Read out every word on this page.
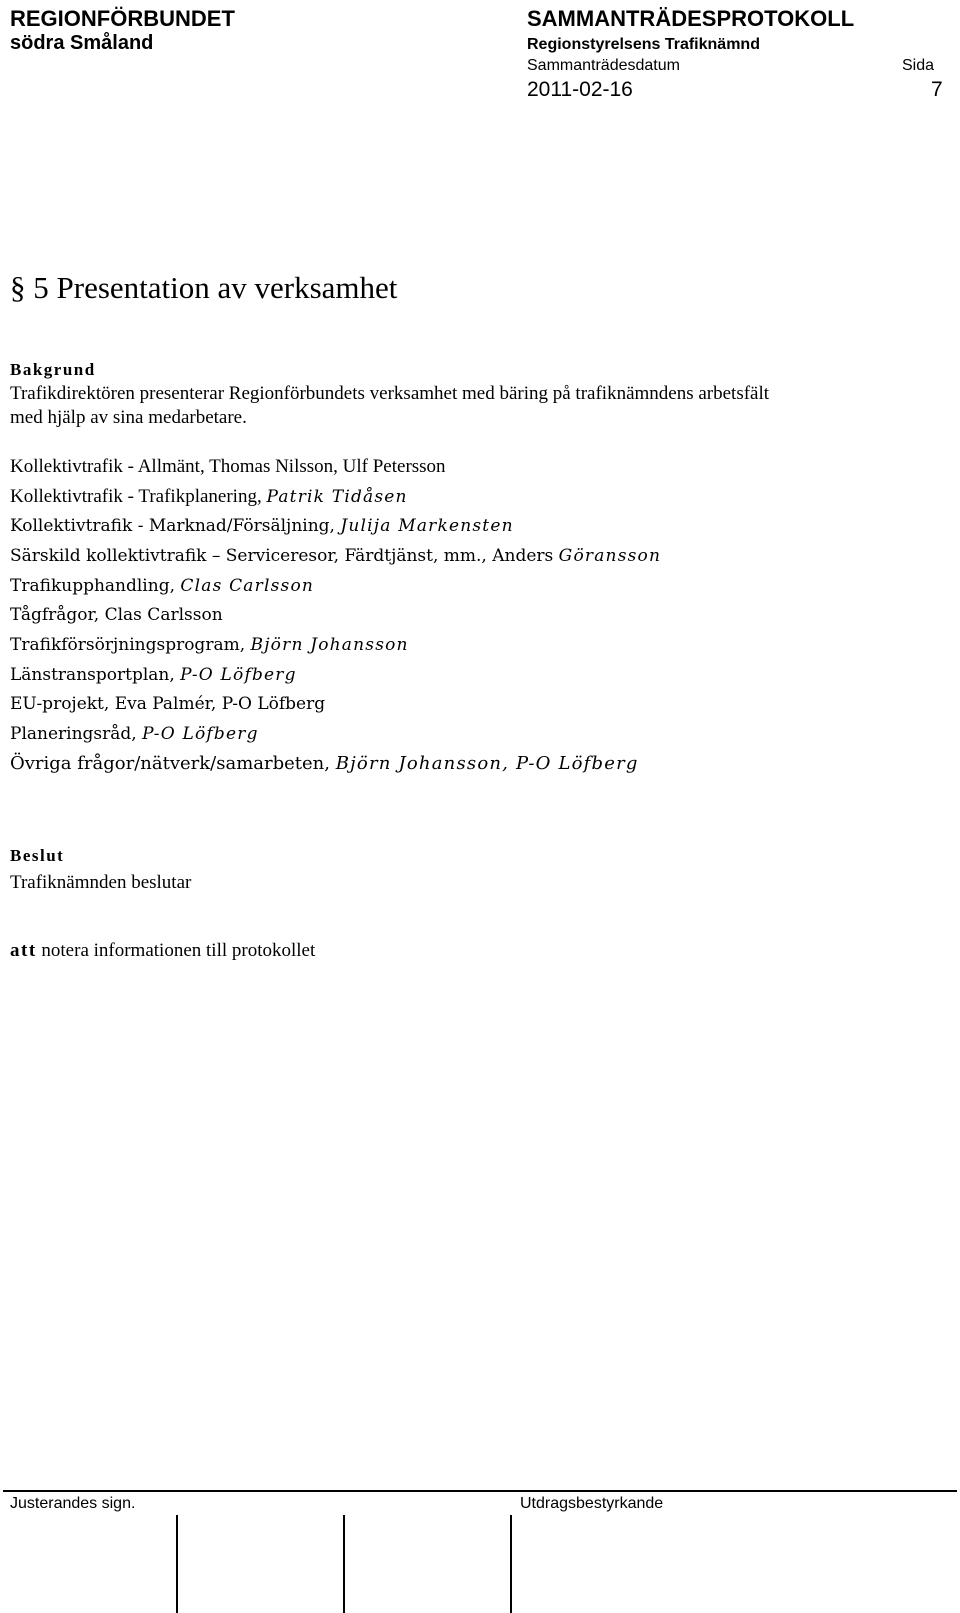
REGIONFÖRBUNDET
södra Småland
SAMMANTRÄDESPROTOKOLL
Regionstyrelsens Trafiknämnd
Sammanträdesdatum	Sida
2011-02-16	7
§ 5 Presentation av verksamhet
Bakgrund
Trafikdirektören presenterar Regionförbundets verksamhet med bäring på trafiknämndens arbetsfält
med hjälp av sina medarbetare.
Kollektivtrafik - Allmänt, Thomas Nilsson, Ulf Petersson
Kollektivtrafik - Trafikplanering, Patrik Tidåsen
Kollektivtrafik - Marknad/Försäljning, Julija Markensten
Särskild kollektivtrafik – Serviceresor, Färdtjänst, mm., Anders Göransson
Trafikupphandling, Clas Carlsson
Tågfrågor, Clas Carlsson
Trafikförsörjningsprogram, Björn Johansson
Länstransportplan, P-O Löfberg
EU-projekt, Eva Palmér, P-O Löfberg
Planeringsråd, P-O Löfberg
Övriga frågor/nätverk/samarbeten, Björn Johansson, P-O Löfberg
Beslut
Trafiknämnden beslutar
att notera informationen till protokollet
Justerandes sign.	Utdragsbestyrkande
